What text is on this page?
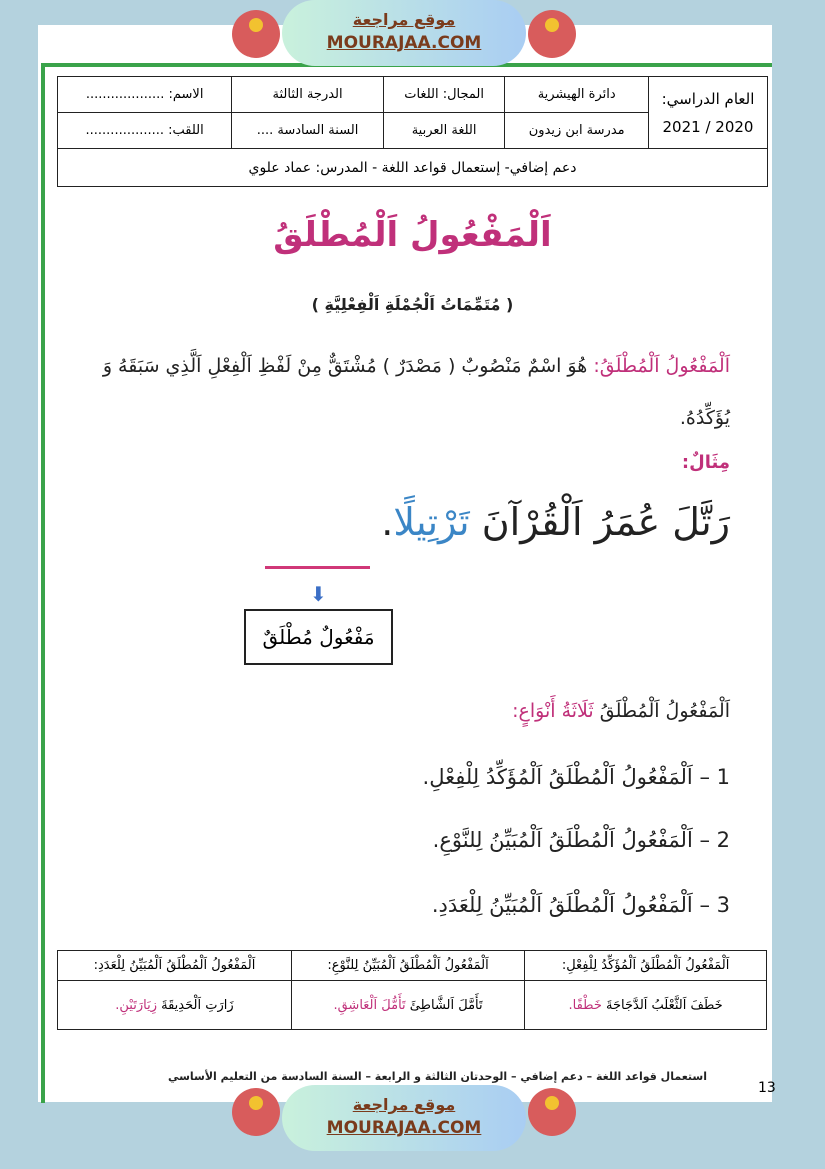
موقع مراجعة
MOURAJAA.COM
العام الدراسي:
2020 / 2021	دائرة الهيشرية	المجال: اللغات	الدرجة الثالثة	الاسم: ...................
	مدرسة ابن زيدون	اللغة العربية	السنة السادسة ....	اللقب: ...................
دعم إضافي- إستعمال قواعد اللغة - المدرس: عماد علوي				
اَلْمَفْعُولُ اَلْمُطْلَقُ
( مُتَمِّمَاتُ اَلْجُمْلَةِ اَلْفِعْلِيَّةِ )
اَلْمَفْعُولُ اَلْمُطْلَقُ: هُوَ اسْمٌ مَنْصُوبٌ ( مَصْدَرٌ ) مُشْتَقٌّ مِنْ لَفْظِ اَلْفِعْلِ اَلَّذِي سَبَقَهُ وَ يُؤَكِّدُهُ.
مِثَالٌ:
رَتَّلَ عُمَرُ اَلْقُرْآنَ تَرْتِيلًا.
⬇
مَفْعُولٌ مُطْلَقٌ
اَلْمَفْعُولُ اَلْمُطْلَقُ ثَلَاثَةُ أَنْوَاعٍ:
1 – اَلْمَفْعُولُ اَلْمُطْلَقُ اَلْمُؤَكِّدُ لِلْفِعْلِ.
2 – اَلْمَفْعُولُ اَلْمُطْلَقُ اَلْمُبَيِّنُ لِلنَّوْعِ.
3 – اَلْمَفْعُولُ اَلْمُطْلَقُ اَلْمُبَيِّنُ لِلْعَدَدِ.
اَلْمَفْعُولُ اَلْمُطْلَقُ اَلْمُؤَكِّدُ لِلْفِعْلِ:	اَلْمَفْعُولُ اَلْمُطْلَقُ اَلْمُبَيِّنُ لِلنَّوْعِ:	اَلْمَفْعُولُ اَلْمُطْلَقُ اَلْمُبَيِّنُ لِلْعَدَدِ:
خَطَفَ اَلثَّعْلَبُ اَلدَّجَاجَةَ خَطْفًا.	تَأَمَّلَ اَلشَّاطِئَ تَأَمُّلَ اَلْعَاشِقِ.	زَارَتِ اَلْحَدِيقَةَ زِيَارَتَيْنِ.
استعمال قواعد اللغة – دعم إضافي – الوحدتان الثالثة و الرابعة – السنة السادسة من التعليم الأساسي
13
موقع مراجعة
MOURAJAA.COM
